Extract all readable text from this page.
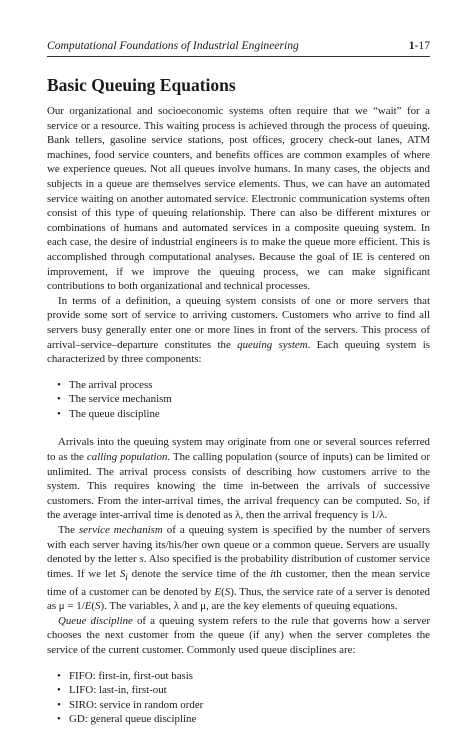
Computational Foundations of Industrial Engineering	1-17
Basic Queuing Equations

Our organizational and socioeconomic systems often require that we “wait” for a service or a resource. This waiting process is achieved through the process of queuing. Bank tellers, gasoline service stations, post offices, grocery check-out lanes, ATM machines, food service counters, and benefits offices are common examples of where we experience queues. Not all queues involve humans. In many cases, the objects and subjects in a queue are themselves service elements. Thus, we can have an automated service waiting on another automated service. Electronic communication systems often consist of this type of queuing relationship. There can also be different mixtures or combinations of humans and automated services in a composite queuing system. In each case, the desire of industrial engineers is to make the queue more efficient. This is accomplished through computational analyses. Because the goal of IE is centered on improvement, if we improve the queuing process, we can make significant contributions to both organizational and technical processes.

In terms of a definition, a queuing system consists of one or more servers that provide some sort of service to arriving customers. Customers who arrive to find all servers busy generally enter one or more lines in front of the servers. This process of arrival–service–departure constitutes the queuing system. Each queuing system is characterized by three components:

• The arrival process
• The service mechanism
• The queue discipline

Arrivals into the queuing system may originate from one or several sources referred to as the calling population. The calling population (source of inputs) can be limited or unlimited. The arrival process consists of describing how customers arrive to the system. This requires knowing the time in-between the arrivals of successive customers. From the inter-arrival times, the arrival frequency can be computed. So, if the average inter-arrival time is denoted as λ, then the arrival frequency is 1/λ.

The service mechanism of a queuing system is specified by the number of servers with each server having its/his/her own queue or a common queue. Servers are usually denoted by the letter s. Also specified is the probability distribution of customer service times. If we let $S_i$ denote the service time of the ith customer, then the mean service time of a customer can be denoted by E(S). Thus, the service rate of a server is denoted as μ = 1/E(S). The variables, λ and μ, are the key elements of queuing equations.

Queue discipline of a queuing system refers to the rule that governs how a server chooses the next customer from the queue (if any) when the server completes the service of the current customer. Commonly used queue disciplines are:

• FIFO: first-in, first-out basis
• LIFO: last-in, first-out
• SIRO: service in random order
• GD: general queue discipline
